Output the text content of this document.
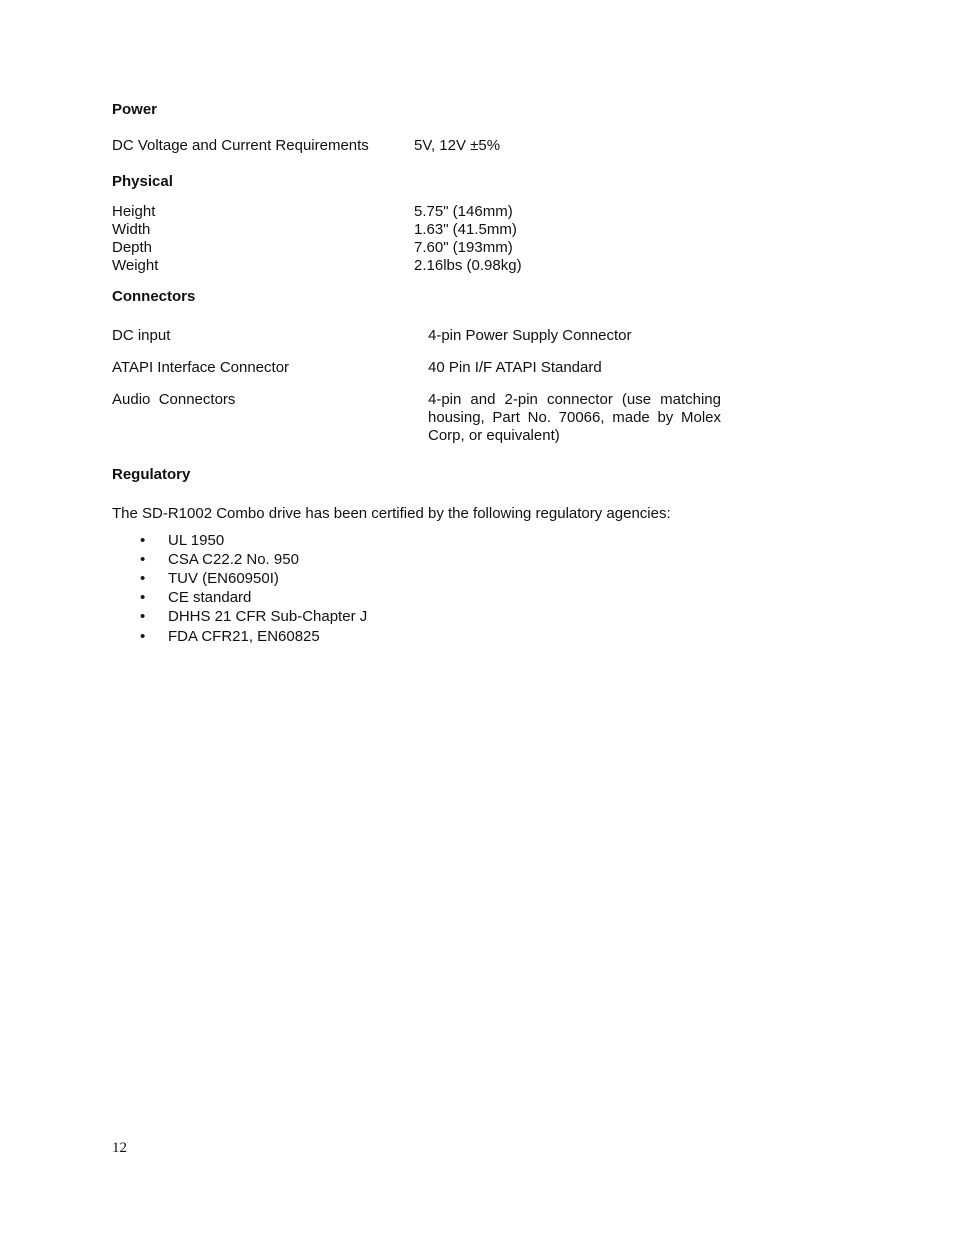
Power
DC Voltage and Current Requirements	5V, 12V ±5%
Physical
Height	5.75" (146mm)
Width	1.63" (41.5mm)
Depth	7.60" (193mm)
Weight	2.16lbs (0.98kg)
Connectors
DC input	4-pin Power Supply Connector
ATAPI Interface Connector	40 Pin I/F ATAPI Standard
Audio  Connectors	4-pin and 2-pin connector (use matching housing, Part No. 70066, made by Molex Corp, or equivalent)
Regulatory
The SD-R1002 Combo drive has been certified by the following regulatory agencies:
• UL 1950
• CSA C22.2 No. 950
• TUV (EN60950I)
• CE standard
• DHHS 21 CFR Sub-Chapter J
• FDA CFR21, EN60825
12
